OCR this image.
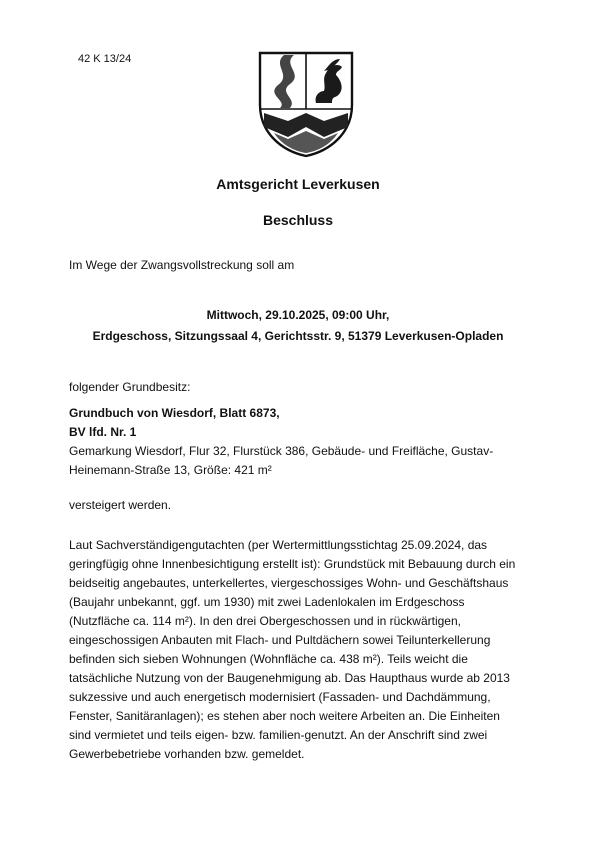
42 K 13/24
Amtsgericht Leverkusen
Beschluss
Im Wege der Zwangsvollstreckung soll am
Mittwoch, 29.10.2025, 09:00 Uhr,
Erdgeschoss, Sitzungssaal 4, Gerichtsstr. 9, 51379 Leverkusen-Opladen
folgender Grundbesitz:

Grundbuch von Wiesdorf, Blatt 6873,

BV lfd. Nr. 1

Gemarkung Wiesdorf, Flur 32, Flurstück 386, Gebäude- und Freifläche, Gustav-

Heinemann-Straße 13, Größe: 421 m²

versteigert werden.

Laut Sachverständigengutachten (per Wertermittlungsstichtag 25.09.2024, das

geringfügig ohne Innenbesichtigung erstellt ist): Grundstück mit Bebauung durch ein

beidseitig angebautes, unterkellertes, viergeschossiges Wohn- und Geschäftshaus

(Baujahr unbekannt, ggf. um 1930) mit zwei Ladenlokalen im Erdgeschoss

(Nutzfläche ca. 114 m²). In den drei Obergeschossen und in rückwärtigen,

eingeschossigen Anbauten mit Flach- und Pultdächern sowei Teilunterkellerung

befinden sich sieben Wohnungen (Wohnfläche ca. 438 m²). Teils weicht die

tatsächliche Nutzung von der Baugenehmigung ab. Das Haupthaus wurde ab 2013

sukzessive und auch energetisch modernisiert (Fassaden- und Dachdämmung,

Fenster, Sanitäranlagen); es stehen aber noch weitere Arbeiten an. Die Einheiten

sind vermietet und teils eigen- bzw. familien-genutzt. An der Anschrift sind zwei

Gewerbebetriebe vorhanden bzw. gemeldet.
